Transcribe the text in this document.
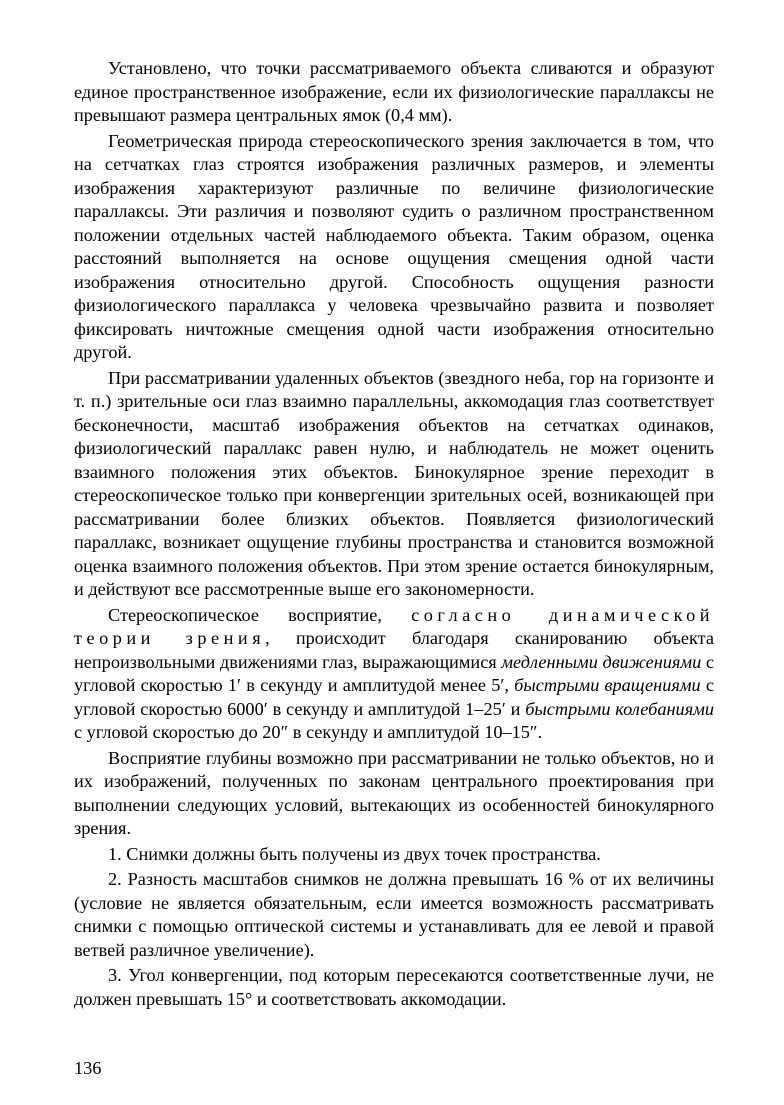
Установлено, что точки рассматриваемого объекта сливаются и образуют единое пространственное изображение, если их физиологические параллаксы не превышают размера центральных ямок (0,4 мм).

Геометрическая природа стереоскопического зрения заключается в том, что на сетчатках глаз строятся изображения различных размеров, и элементы изображения характеризуют различные по величине физиологические параллаксы. Эти различия и позволяют судить о различном пространственном положении отдельных частей наблюдаемого объекта. Таким образом, оценка расстояний выполняется на основе ощущения смещения одной части изображения относительно другой. Способность ощущения разности физиологического параллакса у человека чрезвычайно развита и позволяет фиксировать ничтожные смещения одной части изображения относительно другой.

При рассматривании удаленных объектов (звездного неба, гор на горизонте и т. п.) зрительные оси глаз взаимно параллельны, аккомодация глаз соответствует бесконечности, масштаб изображения объектов на сетчатках одинаков, физиологический параллакс равен нулю, и наблюдатель не может оценить взаимного положения этих объектов. Бинокулярное зрение переходит в стереоскопическое только при конвергенции зрительных осей, возникающей при рассматривании более близких объектов. Появляется физиологический параллакс, возникает ощущение глубины пространства и становится возможной оценка взаимного положения объектов. При этом зрение остается бинокулярным, и действуют все рассмотренные выше его закономерности.

Стереоскопическое восприятие, согласно динамической теории зрения, происходит благодаря сканированию объекта непроизвольными движениями глаз, выражающимися медленными движениями с угловой скоростью 1′ в секунду и амплитудой менее 5′, быстрыми вращениями с угловой скоростью 6000′ в секунду и амплитудой 1–25′ и быстрыми колебаниями с угловой скоростью до 20″ в секунду и амплитудой 10–15″.

Восприятие глубины возможно при рассматривании не только объектов, но и их изображений, полученных по законам центрального проектирования при выполнении следующих условий, вытекающих из особенностей бинокулярного зрения.

1. Снимки должны быть получены из двух точек пространства.

2. Разность масштабов снимков не должна превышать 16 % от их величины (условие не является обязательным, если имеется возможность рассматривать снимки с помощью оптической системы и устанавливать для ее левой и правой ветвей различное увеличение).

3. Угол конвергенции, под которым пересекаются соответственные лучи, не должен превышать 15° и соответствовать аккомодации.

136
